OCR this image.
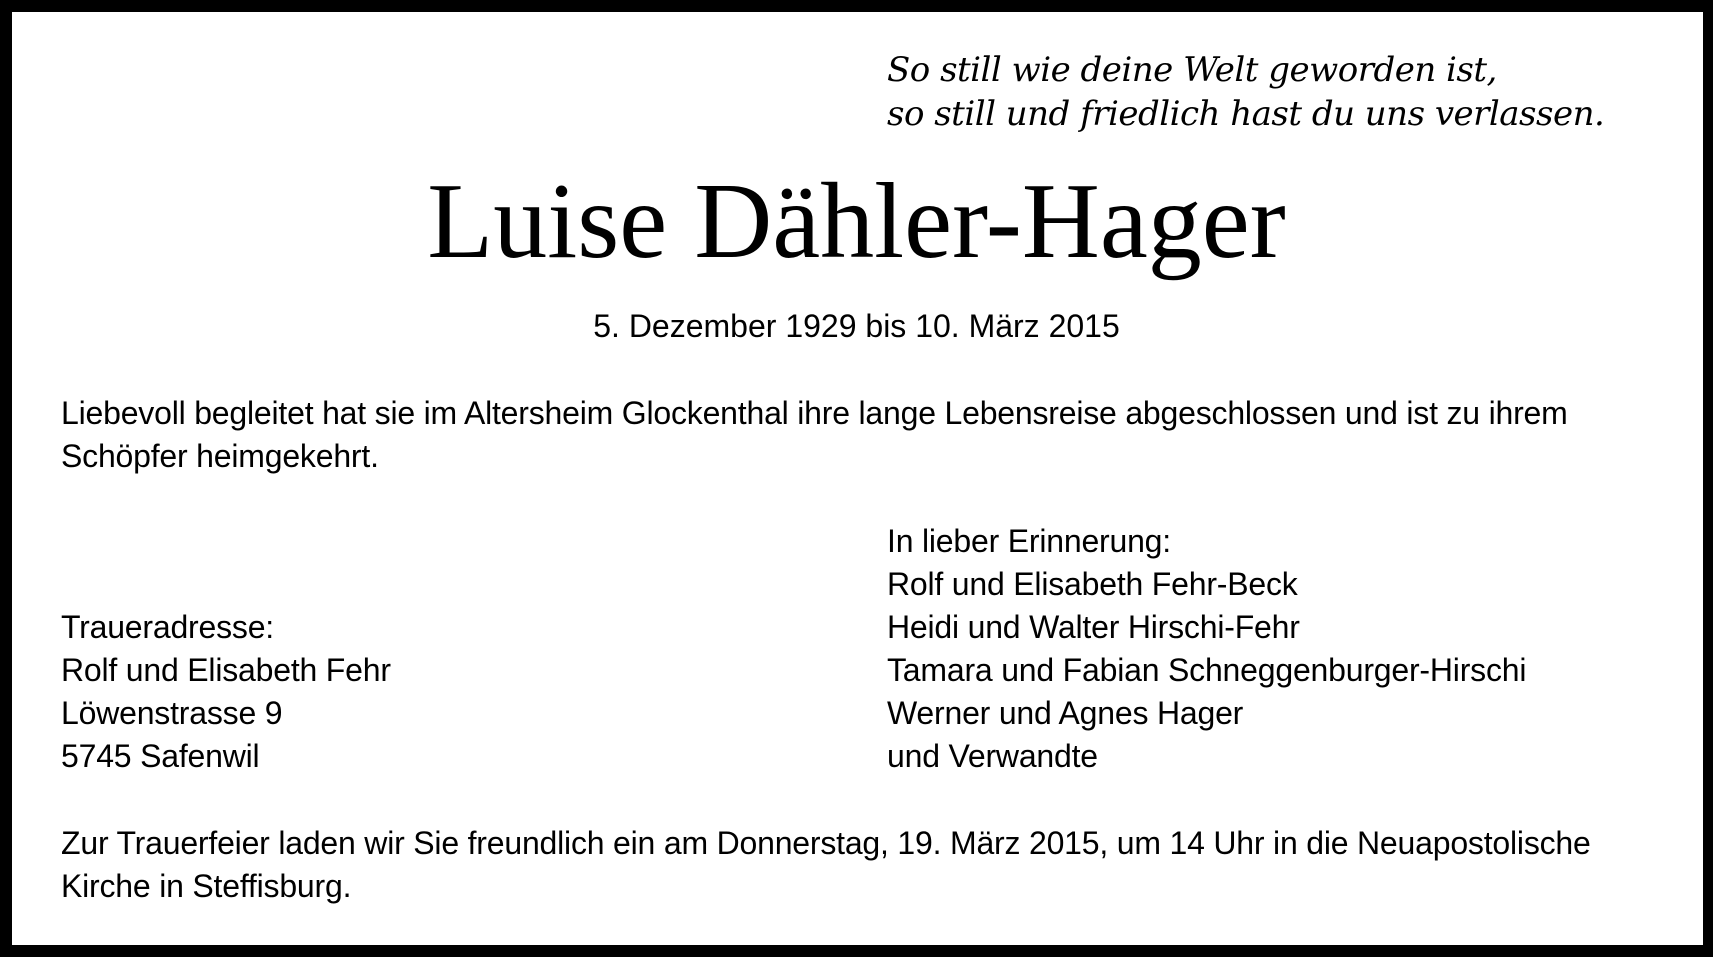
So still wie deine Welt geworden ist,
so still und friedlich hast du uns verlassen.
Luise Dähler-Hager
5. Dezember 1929 bis 10. März 2015
Liebevoll begleitet hat sie im Altersheim Glockenthal ihre lange Lebensreise abgeschlossen und ist zu ihrem
Schöpfer heimgekehrt.
In lieber Erinnerung:
Rolf und Elisabeth Fehr-Beck
Heidi und Walter Hirschi-Fehr
Tamara und Fabian Schneggenburger-Hirschi
Werner und Agnes Hager
und Verwandte
Traueradresse:
Rolf und Elisabeth Fehr
Löwenstrasse 9
5745 Safenwil
Zur Trauerfeier laden wir Sie freundlich ein am Donnerstag, 19. März 2015, um 14 Uhr in die Neuapostolische
Kirche in Steffisburg.
